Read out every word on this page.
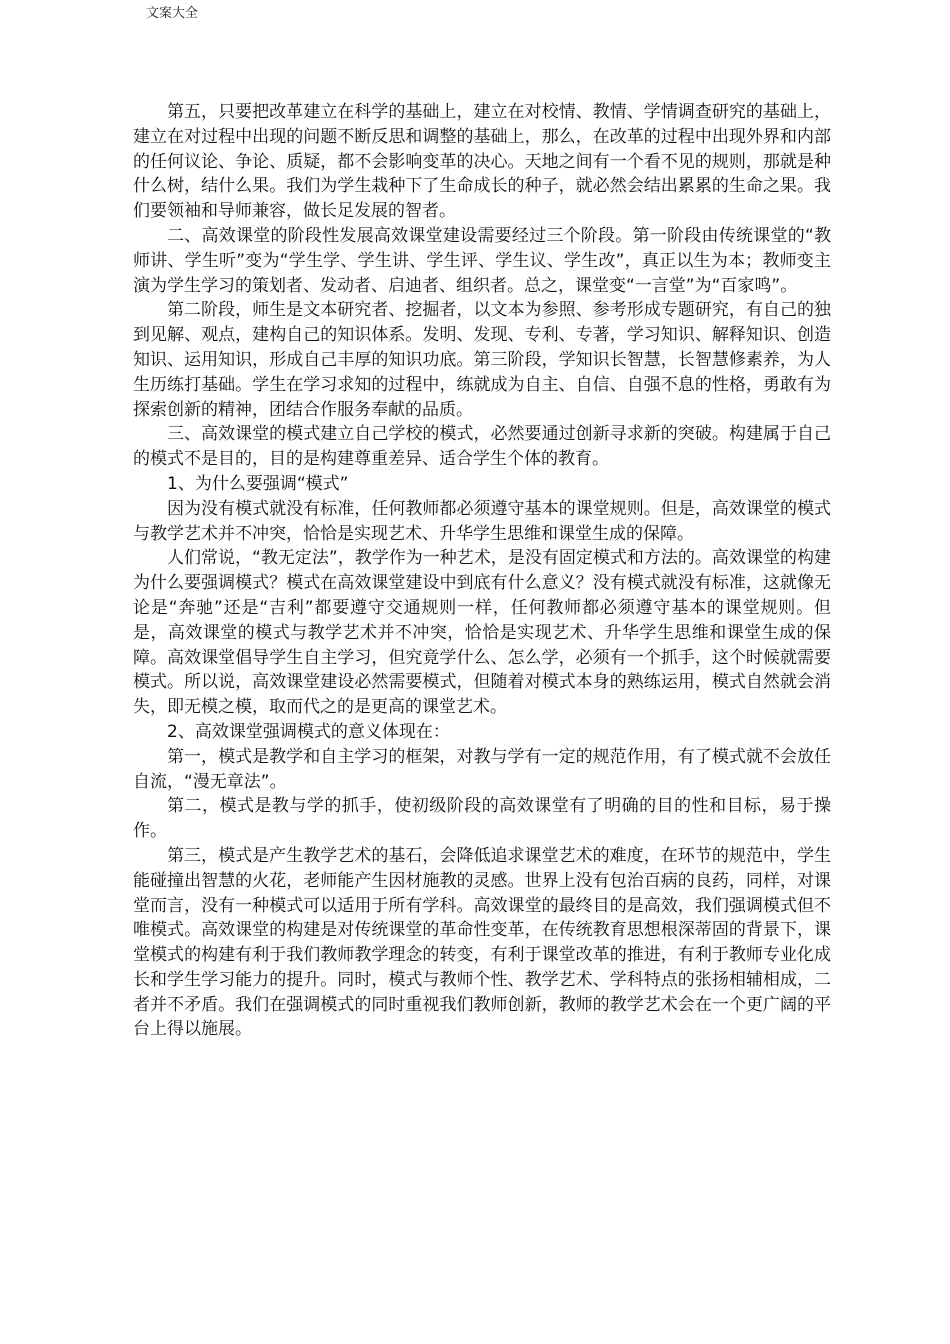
文案大全

第五，只要把改革建立在科学的基础上，建立在对校情、教情、学情调查研究的基础上，建立在对过程中出现的问题不断反思和调整的基础上，那么，在改革的过程中出现外界和内部的任何议论、争论、质疑，都不会影响变革的决心。天地之间有一个看不见的规则，那就是种什么树，结什么果。我们为学生栽种下了生命成长的种子，就必然会结出累累的生命之果。我们要领袖和导师兼容，做长足发展的智者。

二、高效课堂的阶段性发展高效课堂建设需要经过三个阶段。第一阶段由传统课堂的“教师讲、学生听”变为“学生学、学生讲、学生评、学生议、学生改”，真正以生为本；教师变主演为学生学习的策划者、发动者、启迪者、组织者。总之，课堂变“一言堂”为“百家鸣”。

第二阶段，师生是文本研究者、挖掘者，以文本为参照、参考形成专题研究，有自己的独到见解、观点，建构自己的知识体系。发明、发现、专利、专著，学习知识、解释知识、创造知识、运用知识，形成自己丰厚的知识功底。第三阶段，学知识长智慧，长智慧修素养，为人生历练打基础。学生在学习求知的过程中，练就成为自主、自信、自强不息的性格，勇敢有为探索创新的精神，团结合作服务奉献的品质。

三、高效课堂的模式建立自己学校的模式，必然要通过创新寻求新的突破。构建属于自己的模式不是目的，目的是构建尊重差异、适合学生个体的教育。

1、为什么要强调“模式”

因为没有模式就没有标准，任何教师都必须遵守基本的课堂规则。但是，高效课堂的模式与教学艺术并不冲突，恰恰是实现艺术、升华学生思维和课堂生成的保障。

人们常说，“教无定法”，教学作为一种艺术，是没有固定模式和方法的。高效课堂的构建为什么要强调模式？模式在高效课堂建设中到底有什么意义？没有模式就没有标准，这就像无论是“奔驰”还是“吉利”都要遵守交通规则一样，任何教师都必须遵守基本的课堂规则。但是，高效课堂的模式与教学艺术并不冲突，恰恰是实现艺术、升华学生思维和课堂生成的保障。高效课堂倡导学生自主学习，但究竟学什么、怎么学，必须有一个抓手，这个时候就需要模式。所以说，高效课堂建设必然需要模式，但随着对模式本身的熟练运用，模式自然就会消失，即无模之模，取而代之的是更高的课堂艺术。

2、高效课堂强调模式的意义体现在：

第一，模式是教学和自主学习的框架，对教与学有一定的规范作用，有了模式就不会放任自流，“漫无章法”。

第二，模式是教与学的抓手，使初级阶段的高效课堂有了明确的目的性和目标，易于操作。

第三，模式是产生教学艺术的基石，会降低追求课堂艺术的难度，在环节的规范中，学生能碰撞出智慧的火花，老师能产生因材施教的灵感。世界上没有包治百病的良药，同样，对课堂而言，没有一种模式可以适用于所有学科。高效课堂的最终目的是高效，我们强调模式但不唯模式。高效课堂的构建是对传统课堂的革命性变革，在传统教育思想根深蒂固的背景下，课堂模式的构建有利于我们教师教学理念的转变，有利于课堂改革的推进，有利于教师专业化成长和学生学习能力的提升。同时，模式与教师个性、教学艺术、学科特点的张扬相辅相成，二者并不矛盾。我们在强调模式的同时重视我们教师创新，教师的教学艺术会在一个更广阔的平台上得以施展。
